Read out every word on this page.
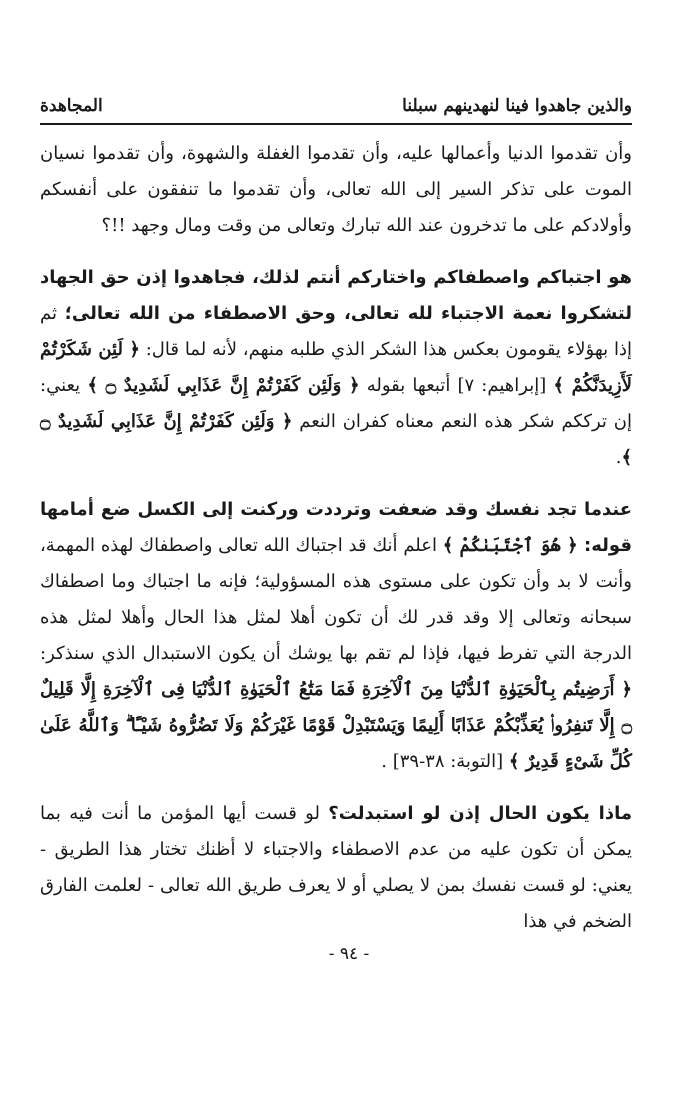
والذين جاهدوا فينا لنهدينهم سبلنا
المجاهدة

وأن تقدموا الدنيا وأعمالها عليه، وأن تقدموا الغفلة والشهوة، وأن تقدموا نسيان الموت على تذكر السير إلى الله تعالى، وأن تقدموا ما تنفقون على أنفسكم وأولادكم على ما تدخرون عند الله تبارك وتعالى من وقت ومال وجهد !!؟

هو اجتباكم واصطفاكم واختاركم أنتم لذلك، فجاهدوا إذن حق الجهاد لتشكروا نعمة الاجتباء لله تعالى، وحق الاصطفاء من الله تعالى؛ ثم إذا بهؤلاء يقومون بعكس هذا الشكر الذي طلبه منهم، لأنه لما قال: ﴿ لَئِن شَكَرْتُمْ لَأَزِيدَنَّكُمْ ﴾ [إبراهيم: ٧] أتبعها بقوله ﴿ وَلَئِن كَفَرْتُمْ إِنَّ عَذَابِي لَشَدِيدٌ ۝ ﴾ يعني: إن ترككم شكر هذه النعم معناه كفران النعم ﴿ وَلَئِن كَفَرْتُمْ إِنَّ عَذَابِي لَشَدِيدٌ ۝ ﴾.

عندما تجد نفسك وقد ضعفت وترددت وركنت إلى الكسل ضع أمامها قوله: ﴿ هُوَ ٱجْتَبَىٰكُمْ ﴾ اعلم أنك قد اجتباك الله تعالى واصطفاك لهذه المهمة، وأنت لا بد وأن تكون على مستوى هذه المسؤولية؛ فإنه ما اجتباك وما اصطفاك سبحانه وتعالى إلا وقد قدر لك أن تكون أهلا لمثل هذا الحال وأهلا لمثل هذه الدرجة التي تفرط فيها، فإذا لم تقم بها يوشك أن يكون الاستبدال الذي سنذكر: ﴿ أَرَضِيتُم بِٱلْحَيَوٰةِ ٱلدُّنْيَا مِنَ ٱلْآخِرَةِ فَمَا مَتَٰعُ ٱلْحَيَوٰةِ ٱلدُّنْيَا فِى ٱلْآخِرَةِ إِلَّا قَلِيلٌ ۝ إِلَّا تَنفِرُوا۟ يُعَذِّبْكُمْ عَذَابًا أَلِيمًا وَيَسْتَبْدِلْ قَوْمًا غَيْرَكُمْ وَلَا تَضُرُّوهُ شَيْـًٔا ۗ وَٱللَّهُ عَلَىٰ كُلِّ شَىْءٍ قَدِيرٌ ﴾ [التوبة: ٣٨-٣٩] .

ماذا يكون الحال إذن لو استبدلت؟ لو قست أيها المؤمن ما أنت فيه بما يمكن أن تكون عليه من عدم الاصطفاء والاجتباء لا أظنك تختار هذا الطريق - يعني: لو قست نفسك بمن لا يصلي أو لا يعرف طريق الله تعالى - لعلمت الفارق الضخم في هذا

- ٩٤ -
